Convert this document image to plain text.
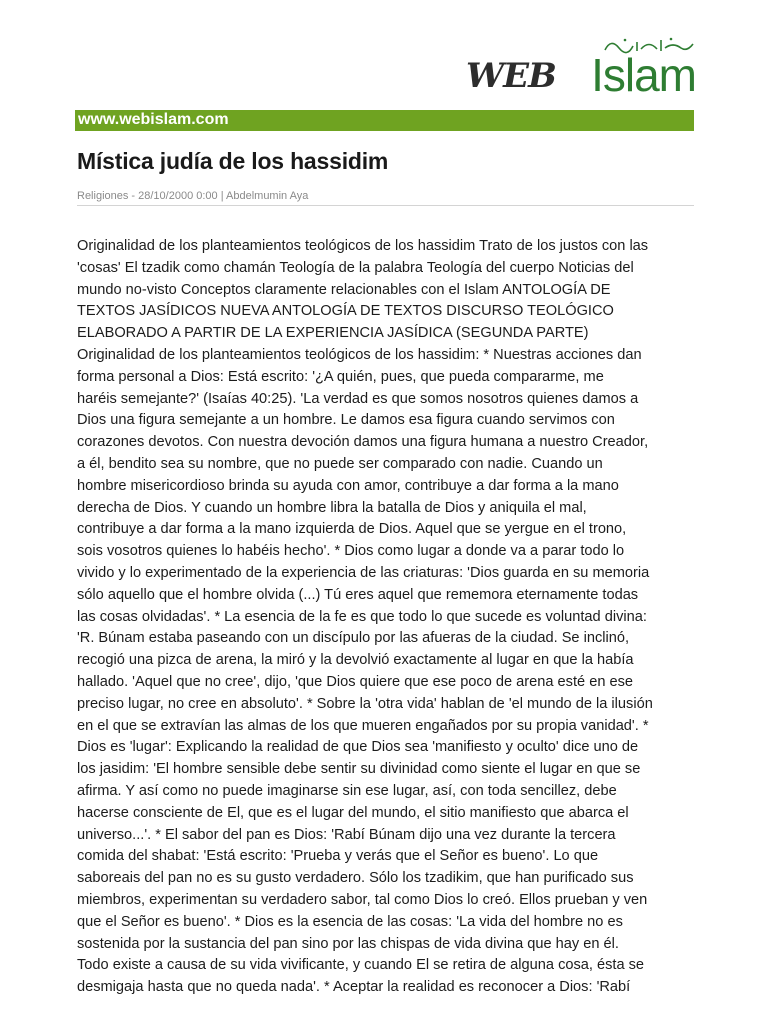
WEB Islam
www.webislam.com
Mística judía de los hassidim
Religiones - 28/10/2000 0:00 | Abdelmumin Aya
Originalidad de los planteamientos teológicos de los hassidim Trato de los justos con las
'cosas' El tzadik como chamán Teología de la palabra Teología del cuerpo Noticias del
mundo no-visto Conceptos claramente relacionables con el Islam ANTOLOGÍA DE
TEXTOS JASÍDICOS NUEVA ANTOLOGÍA DE TEXTOS DISCURSO TEOLÓGICO
ELABORADO A PARTIR DE LA EXPERIENCIA JASÍDICA (SEGUNDA PARTE)
Originalidad de los planteamientos teológicos de los hassidim: * Nuestras acciones dan
forma personal a Dios: Está escrito: '¿A quién, pues, que pueda compararme, me
haréis semejante?' (Isaías 40:25). 'La verdad es que somos nosotros quienes damos a
Dios una figura semejante a un hombre. Le damos esa figura cuando servimos con
corazones devotos. Con nuestra devoción damos una figura humana a nuestro Creador,
a él, bendito sea su nombre, que no puede ser comparado con nadie. Cuando un
hombre misericordioso brinda su ayuda con amor, contribuye a dar forma a la mano
derecha de Dios. Y cuando un hombre libra la batalla de Dios y aniquila el mal,
contribuye a dar forma a la mano izquierda de Dios. Aquel que se yergue en el trono,
sois vosotros quienes lo habéis hecho'. * Dios como lugar a donde va a parar todo lo
vivido y lo experimentado de la experiencia de las criaturas: 'Dios guarda en su memoria
sólo aquello que el hombre olvida (...) Tú eres aquel que rememora eternamente todas
las cosas olvidadas'. * La esencia de la fe es que todo lo que sucede es voluntad divina:
'R. Búnam estaba paseando con un discípulo por las afueras de la ciudad. Se inclinó,
recogió una pizca de arena, la miró y la devolvió exactamente al lugar en que la había
hallado. 'Aquel que no cree', dijo, 'que Dios quiere que ese poco de arena esté en ese
preciso lugar, no cree en absoluto'. * Sobre la 'otra vida' hablan de 'el mundo de la ilusión
en el que se extravían las almas de los que mueren engañados por su propia vanidad'. *
Dios es 'lugar': Explicando la realidad de que Dios sea 'manifiesto y oculto' dice uno de
los jasidim: 'El hombre sensible debe sentir su divinidad como siente el lugar en que se
afirma. Y así como no puede imaginarse sin ese lugar, así, con toda sencillez, debe
hacerse consciente de El, que es el lugar del mundo, el sitio manifiesto que abarca el
universo...'. * El sabor del pan es Dios: 'Rabí Búnam dijo una vez durante la tercera
comida del shabat: 'Está escrito: 'Prueba y verás que el Señor es bueno'. Lo que
saboreais del pan no es su gusto verdadero. Sólo los tzadikim, que han purificado sus
miembros, experimentan su verdadero sabor, tal como Dios lo creó. Ellos prueban y ven
que el Señor es bueno'. * Dios es la esencia de las cosas: 'La vida del hombre no es
sostenida por la sustancia del pan sino por las chispas de vida divina que hay en él.
Todo existe a causa de su vida vivificante, y cuando El se retira de alguna cosa, ésta se
desmigaja hasta que no queda nada'. * Aceptar la realidad es reconocer a Dios: 'Rabí
